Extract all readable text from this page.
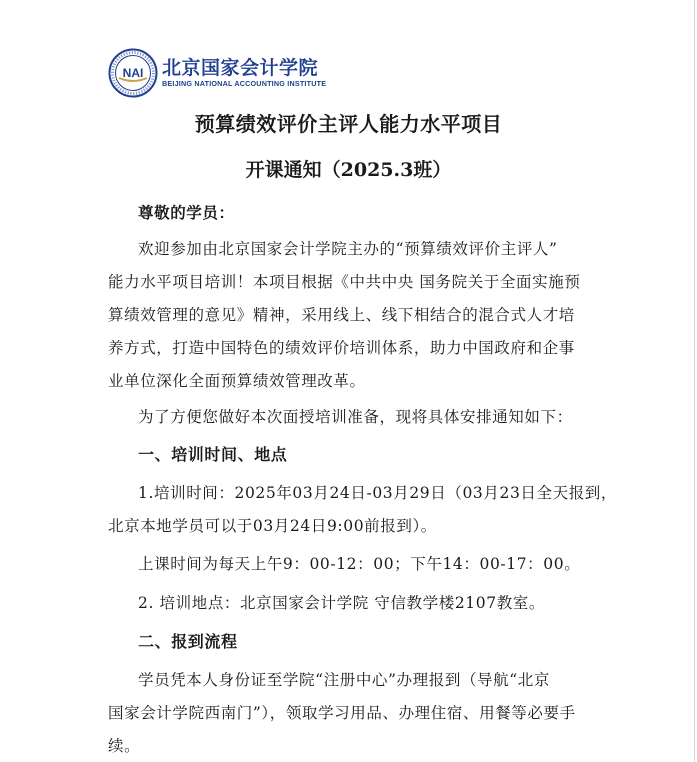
NAI 北京国家会计学院
BEIJING NATIONAL ACCOUNTING INSTITUTE
预算绩效评价主评人能力水平项目
开课通知（2025.3班）
尊敬的学员：
欢迎参加由北京国家会计学院主办的“预算绩效评价主评人”
能力水平项目培训！本项目根据《中共中央 国务院关于全面实施预
算绩效管理的意见》精神，采用线上、线下相结合的混合式人才培
养方式，打造中国特色的绩效评价培训体系，助力中国政府和企事
业单位深化全面预算绩效管理改革。
为了方便您做好本次面授培训准备，现将具体安排通知如下：
一、培训时间、地点
1.培训时间：2025年03月24日-03月29日（03月23日全天报到，
北京本地学员可以于03月24日9:00前报到）。
上课时间为每天上午9：00-12：00；下午14：00-17：00。
2. 培训地点：北京国家会计学院 守信教学楼2107教室。
二、报到流程
学员凭本人身份证至学院“注册中心”办理报到（导航“北京
国家会计学院西南门”），领取学习用品、办理住宿、用餐等必要手
续。
